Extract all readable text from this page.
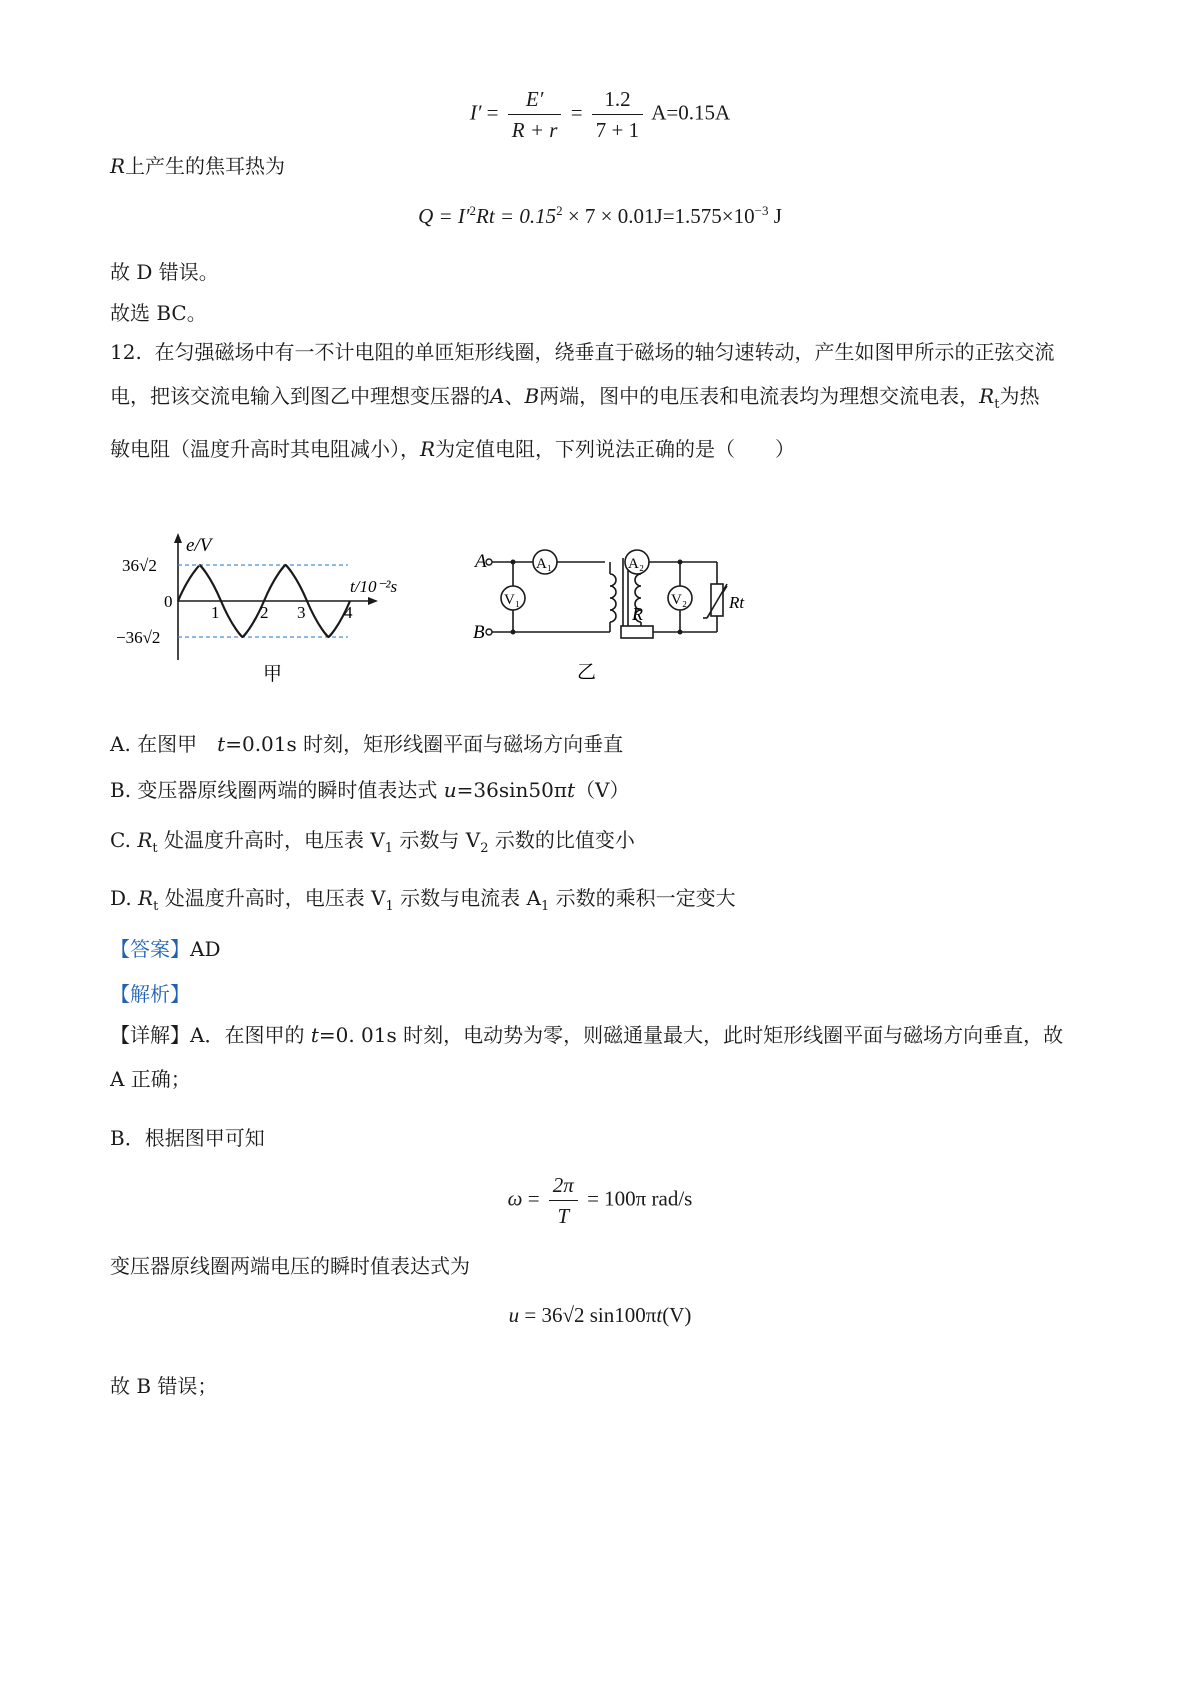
$I' = \frac{E'}{R + r} = \frac{1.2}{7 + 1} A=0.15A$
R上产生的焦耳热为
$Q = I'^2Rt = 0.15^2 \times 7 \times 0.01J=1.575\times 10^{-3}$ J
故 D 错误。
故选 BC。
12. 在匀强磁场中有一不计电阻的单匝矩形线圈，绕垂直于磁场的轴匀速转动，产生如图甲所示的正弦交流
电，把该交流电输入到图乙中理想变压器的A、B两端，图中的电压表和电流表均为理想交流电表，$R_t$为热
敏电阻（温度升高时其电阻减小），R为定值电阻，下列说法正确的是（　　）
e/V
t/10⁻²s
36√2
−36√2
0
1 2 3 4
甲
A
B
A₁
V₁
A₂
V₂
R
Rt
乙
A. 在图甲　t=0.01s 时刻，矩形线圈平面与磁场方向垂直
B. 变压器原线圈两端的瞬时值表达式 u=36sin50πt（V）
C. $R_t$ 处温度升高时，电压表 $V_1$ 示数与 $V_2$ 示数的比值变小
D. $R_t$ 处温度升高时，电压表 $V_1$ 示数与电流表 $A_1$ 示数的乘积一定变大
【答案】AD
【解析】
【详解】A．在图甲的 t=0. 01s 时刻，电动势为零，则磁通量最大，此时矩形线圈平面与磁场方向垂直，故
A 正确；
B．根据图甲可知
$\omega = \frac{2\pi}{T} = 100\pi$ rad/s
变压器原线圈两端电压的瞬时值表达式为
u = 36√2 sin100πt(V)
故 B 错误；
